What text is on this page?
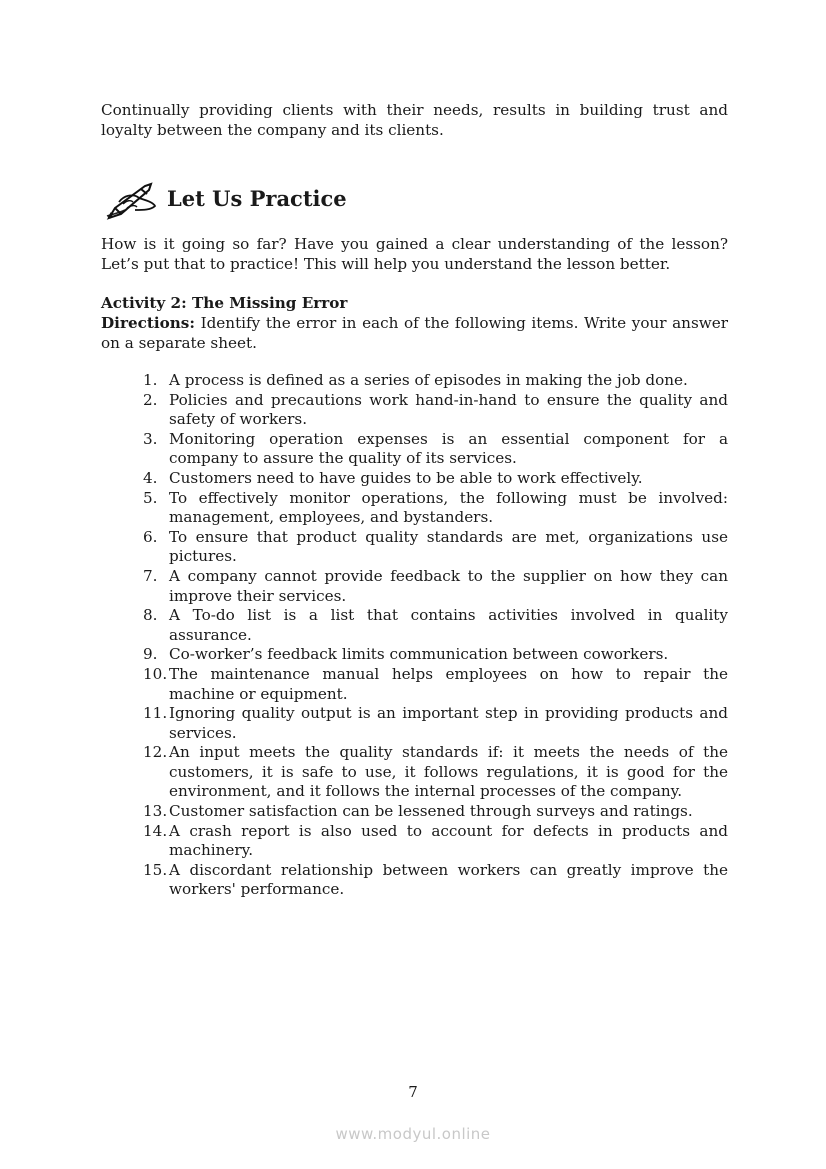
Continually providing clients with their needs, results in building trust and loyalty between the company and its clients.

Let Us Practice

How is it going so far? Have you gained a clear understanding of the lesson? Let’s put that to practice! This will help you understand the lesson better.

Activity 2: The Missing Error
Directions: Identify the error in each of the following items. Write your answer on a separate sheet.
1. A process is defined as a series of episodes in making the job done.
2. Policies and precautions work hand-in-hand to ensure the quality and safety of workers.
3. Monitoring operation expenses is an essential component for a company to assure the quality of its services.
4. Customers need to have guides to be able to work effectively.
5. To effectively monitor operations, the following must be involved: management, employees, and bystanders.
6. To ensure that product quality standards are met, organizations use pictures.
7. A company cannot provide feedback to the supplier on how they can improve their services.
8. A To-do list is a list that contains activities involved in quality assurance.
9. Co-worker’s feedback limits communication between coworkers.
10. The maintenance manual helps employees on how to repair the machine or equipment.
11. Ignoring quality output is an important step in providing products and services.
12. An input meets the quality standards if: it meets the needs of the customers, it is safe to use, it follows regulations, it is good for the environment, and it follows the internal processes of the company.
13. Customer satisfaction can be lessened through surveys and ratings.
14. A crash report is also used to account for defects in products and machinery.
15. A discordant relationship between workers can greatly improve the workers' performance.
7
www.modyul.online
